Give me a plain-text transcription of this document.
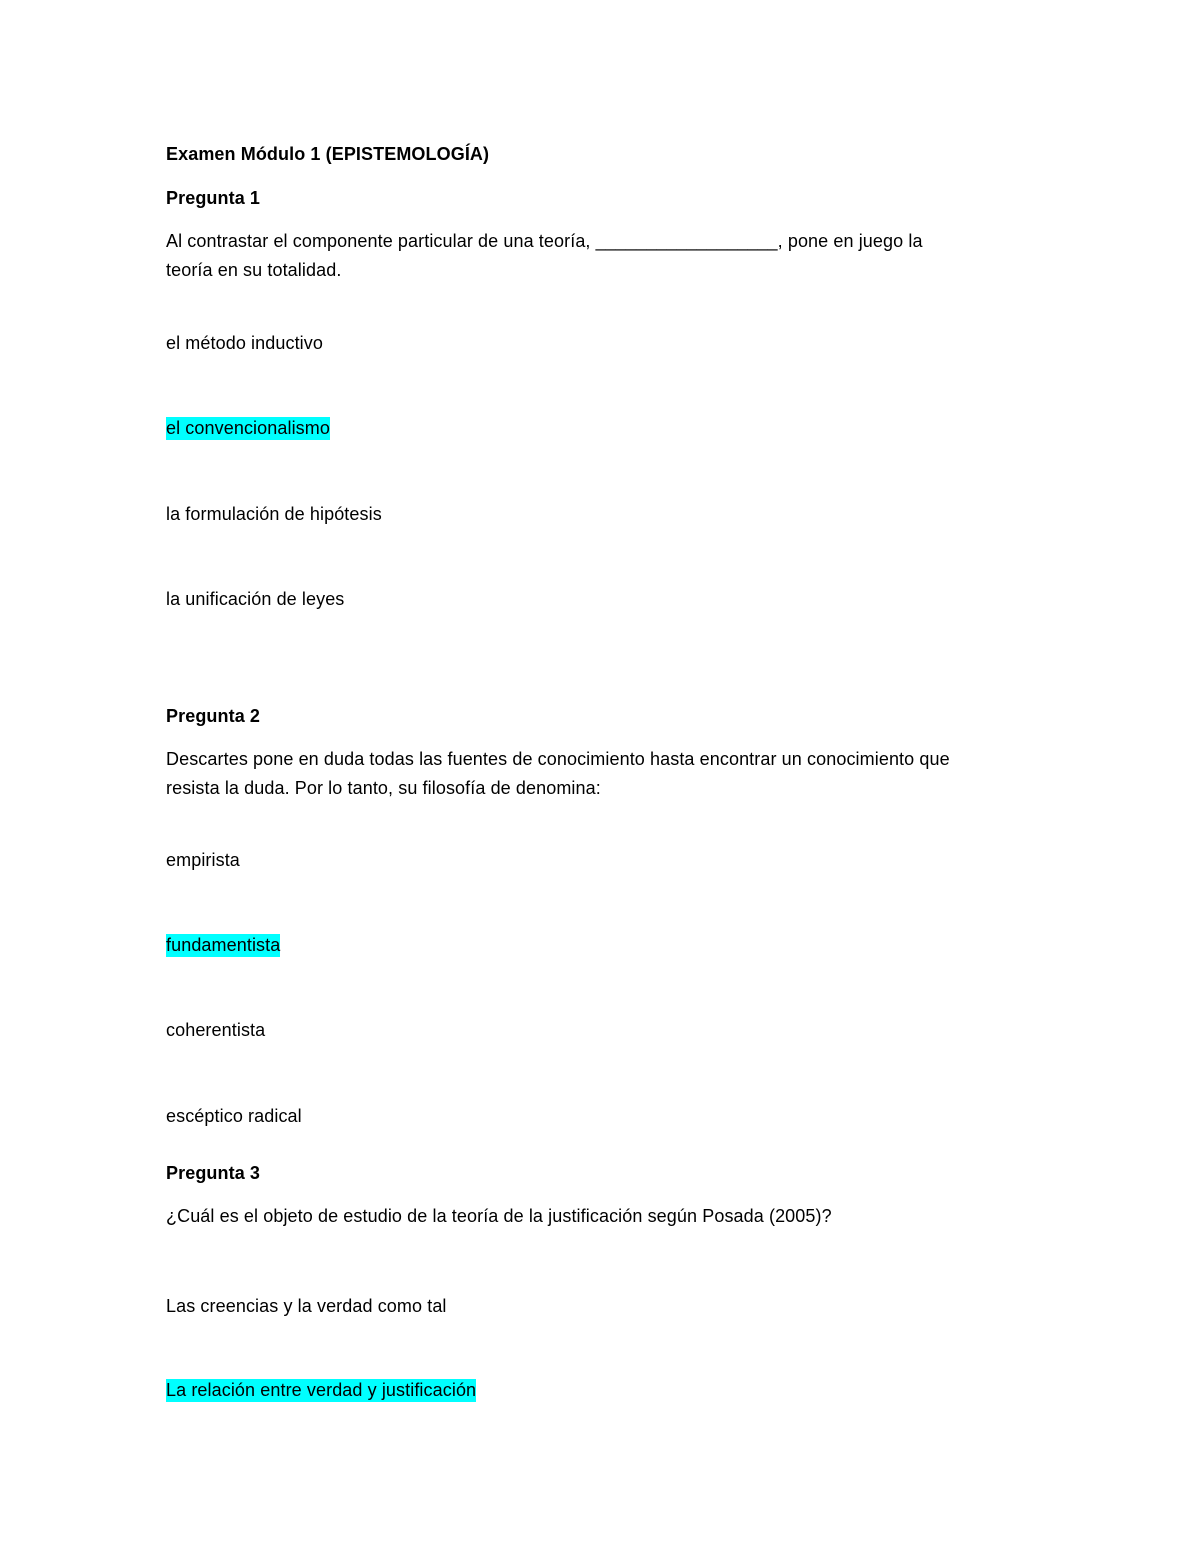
Examen Módulo 1 (EPISTEMOLOGÍA)
Pregunta 1
Al contrastar el componente particular de una teoría, __________________, pone en juego la
teoría en su totalidad.
el método inductivo
el convencionalismo
la formulación de hipótesis
la unificación de leyes
Pregunta 2
Descartes pone en duda todas las fuentes de conocimiento hasta encontrar un conocimiento que
resista la duda. Por lo tanto, su filosofía de denomina:
empirista
fundamentista
coherentista
escéptico radical
Pregunta 3
¿Cuál es el objeto de estudio de la teoría de la justificación según Posada (2005)?
Las creencias y la verdad como tal
La relación entre verdad y justificación
